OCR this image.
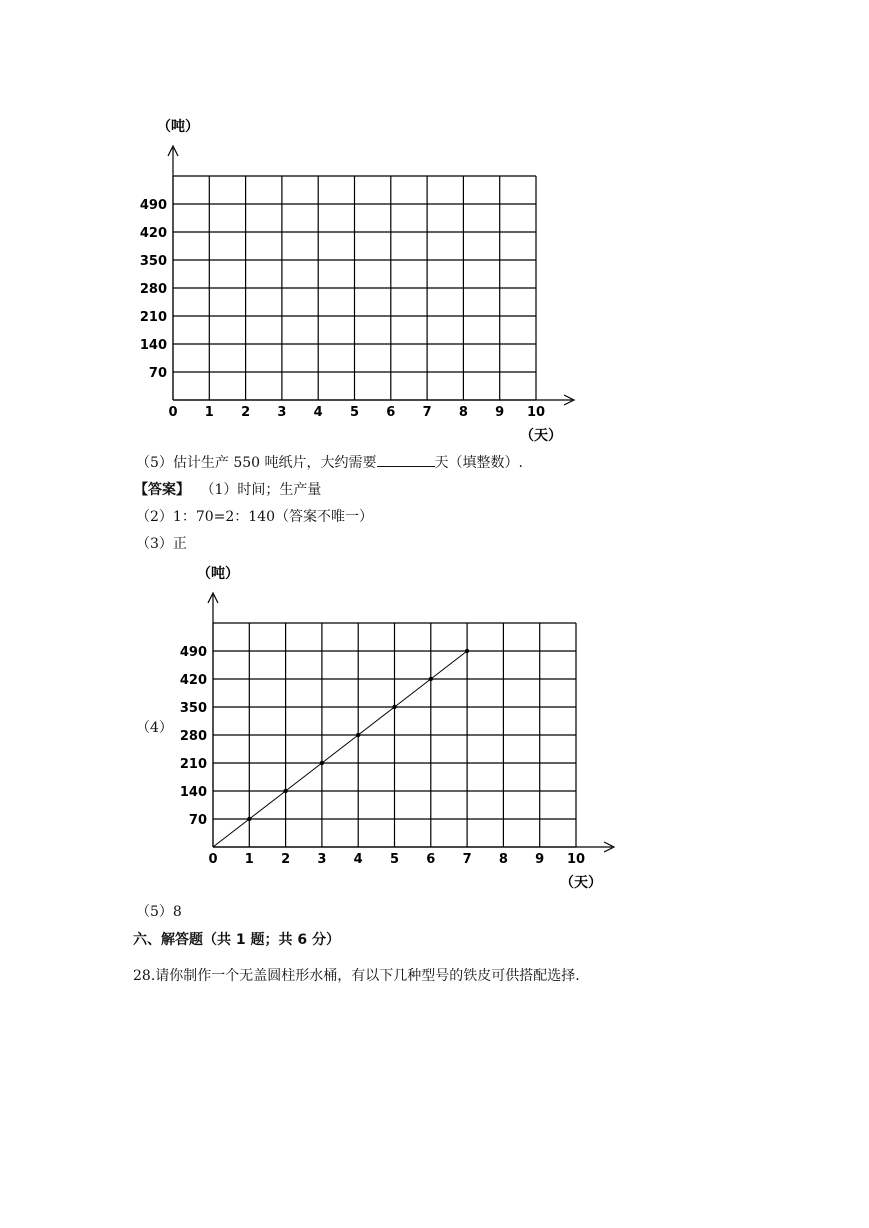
0 1 2 3 4 5 6 7 8 9 10
70
140
210
280
350
420
490
（吨）
（天）
（5）估计生产 550 吨纸片，大约需要	天（填整数）.
【答案】 （1）时间；生产量
（2）1：70=2：140（答案不唯一）
（3）正
0 1 2 3 4 5 6 7 8 9 10
70
140
210
280
350
420
490
（吨）
（天）
（4）
（5）8
六、解答题（共 1 题；共 6 分）
28.请你制作一个无盖圆柱形水桶，有以下几种型号的铁皮可供搭配选择.
